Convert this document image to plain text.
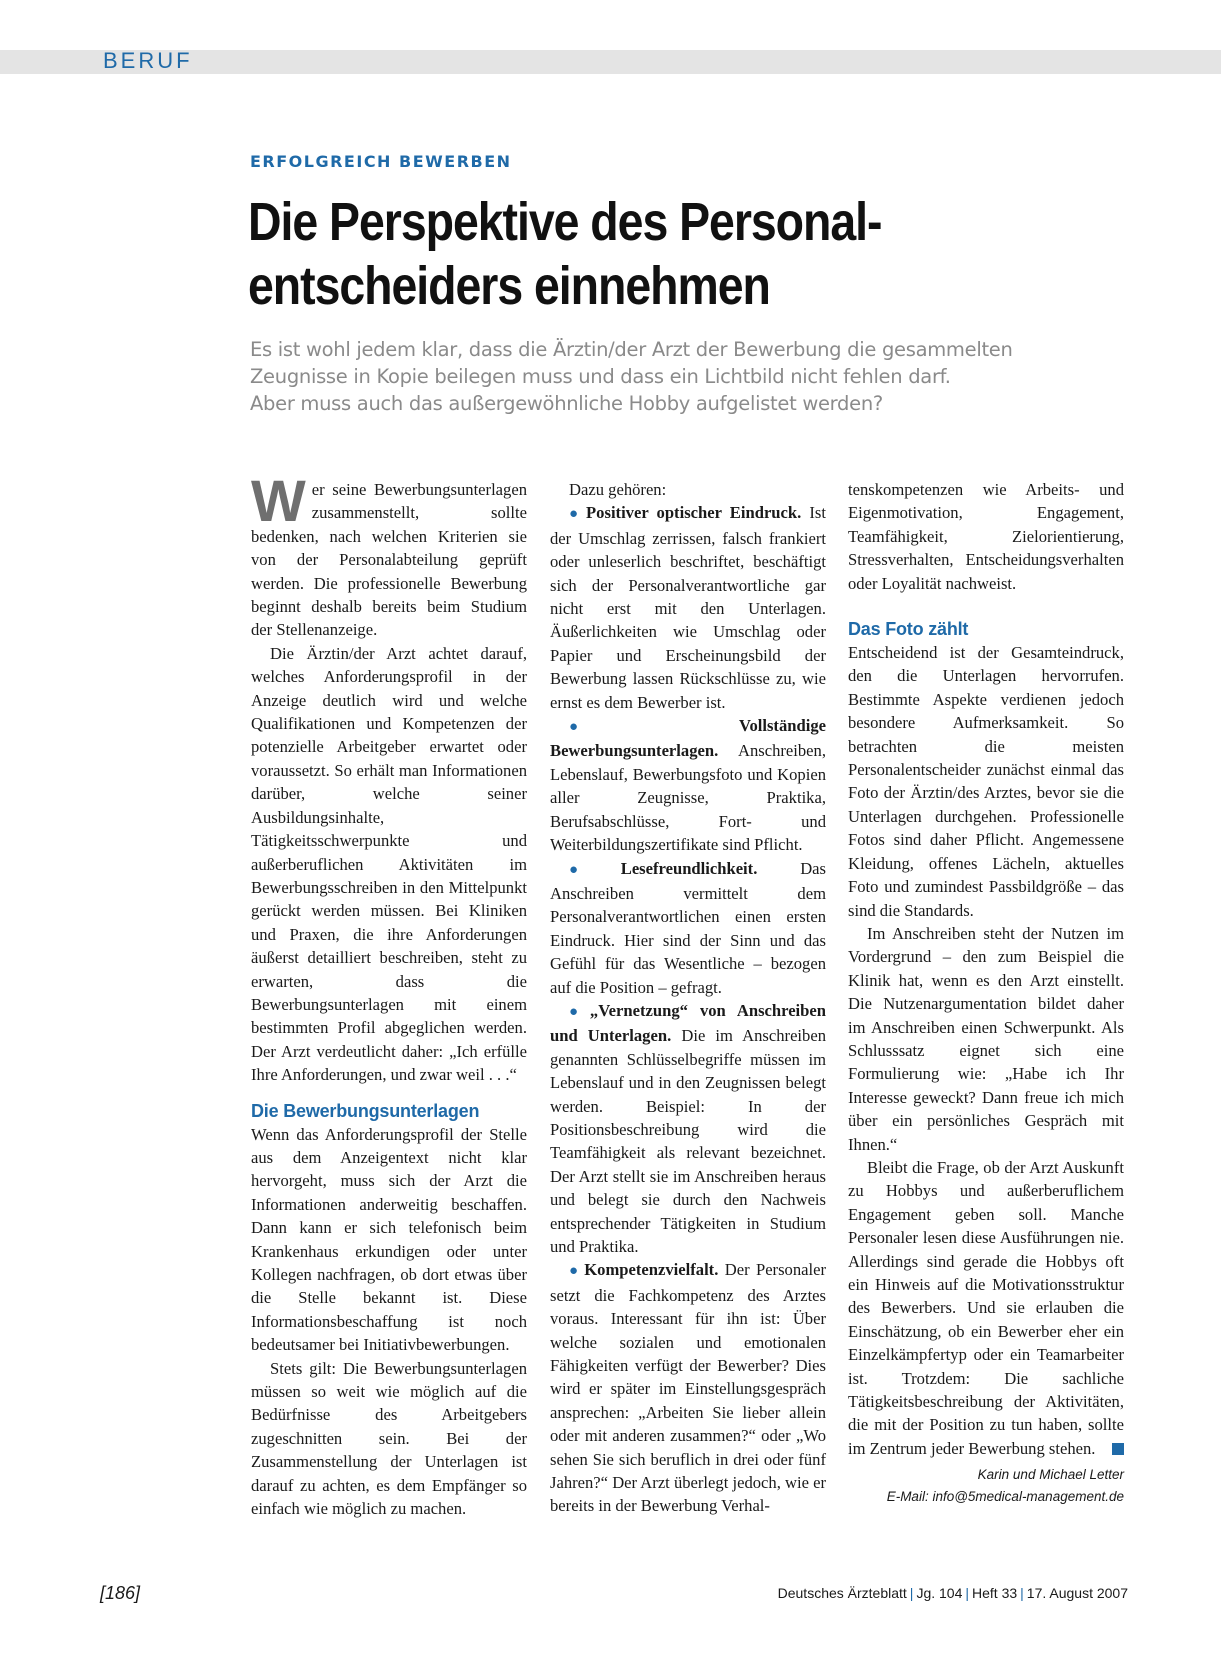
BERUF
ERFOLGREICH BEWERBEN
Die Perspektive des Personal-
entscheiders einnehmen
Es ist wohl jedem klar, dass die Ärztin/der Arzt der Bewerbung die gesammelten
Zeugnisse in Kopie beilegen muss und dass ein Lichtbild nicht fehlen darf.
Aber muss auch das außergewöhnliche Hobby aufgelistet werden?

Wer seine Bewerbungsunterlagen zusammenstellt, sollte bedenken, nach welchen Kriterien sie von der Personalabteilung geprüft werden. Die professionelle Bewerbung beginnt deshalb bereits beim Studium der Stellenanzeige.

Die Ärztin/der Arzt achtet darauf, welches Anforderungsprofil in der Anzeige deutlich wird und welche Qualifikationen und Kompetenzen der potenzielle Arbeitgeber erwartet oder voraussetzt. So erhält man Informationen darüber, welche seiner Ausbildungsinhalte, Tätigkeitsschwerpunkte und außerberuflichen Aktivitäten im Bewerbungsschreiben in den Mittelpunkt gerückt werden müssen. Bei Kliniken und Praxen, die ihre Anforderungen äußerst detailliert beschreiben, steht zu erwarten, dass die Bewerbungsunterlagen mit einem bestimmten Profil abgeglichen werden. Der Arzt verdeutlicht daher: „Ich erfülle Ihre Anforderungen, und zwar weil . . .“

Die Bewerbungsunterlagen

Wenn das Anforderungsprofil der Stelle aus dem Anzeigentext nicht klar hervorgeht, muss sich der Arzt die Informationen anderweitig beschaffen. Dann kann er sich telefonisch beim Krankenhaus erkundigen oder unter Kollegen nachfragen, ob dort etwas über die Stelle bekannt ist. Diese Informationsbeschaffung ist noch bedeutsamer bei Initiativbewerbungen.

Stets gilt: Die Bewerbungsunterlagen müssen so weit wie möglich auf die Bedürfnisse des Arbeitgebers zugeschnitten sein. Bei der Zusammenstellung der Unterlagen ist darauf zu achten, es dem Empfänger so einfach wie möglich zu machen.

Dazu gehören:

● Positiver optischer Eindruck. Ist der Umschlag zerrissen, falsch frankiert oder unleserlich beschriftet, beschäftigt sich der Personalverantwortliche gar nicht erst mit den Unterlagen. Äußerlichkeiten wie Umschlag oder Papier und Erscheinungsbild der Bewerbung lassen Rückschlüsse zu, wie ernst es dem Bewerber ist.

● Vollständige Bewerbungsunterlagen. Anschreiben, Lebenslauf, Bewerbungsfoto und Kopien aller Zeugnisse, Praktika, Berufsabschlüsse, Fort- und Weiterbildungszertifikate sind Pflicht.

● Lesefreundlichkeit.	Das Anschreiben vermittelt dem Personalverantwortlichen einen ersten Eindruck. Hier sind der Sinn und das Gefühl für das Wesentliche – bezogen auf die Position – gefragt.

● „Vernetzung“ von Anschreiben und Unterlagen. Die im Anschreiben genannten Schlüsselbegriffe müssen im Lebenslauf und in den Zeugnissen belegt werden. Beispiel: In der Positionsbeschreibung wird die Teamfähigkeit als relevant bezeichnet. Der Arzt stellt sie im Anschreiben heraus und belegt sie durch den Nachweis entsprechender Tätigkeiten in Studium und Praktika.

● Kompetenzvielfalt. Der Personaler setzt die Fachkompetenz des Arztes voraus. Interessant für ihn ist: Über welche sozialen und emotionalen Fähigkeiten verfügt der Bewerber? Dies wird er später im Einstellungsgespräch ansprechen: „Arbeiten Sie lieber allein oder mit anderen zusammen?“ oder „Wo sehen Sie sich beruflich in drei oder fünf Jahren?“ Der Arzt überlegt jedoch, wie er bereits in der Bewerbung Verhal-

tenskompetenzen wie Arbeits- und Eigenmotivation, Engagement, Teamfähigkeit, Zielorientierung, Stressverhalten, Entscheidungsverhalten oder Loyalität nachweist.

Das Foto zählt

Entscheidend ist der Gesamteindruck, den die Unterlagen hervorrufen. Bestimmte Aspekte verdienen jedoch besondere Aufmerksamkeit. So betrachten die meisten Personalentscheider zunächst einmal das Foto der Ärztin/des Arztes, bevor sie die Unterlagen durchgehen. Professionelle Fotos sind daher Pflicht. Angemessene Kleidung, offenes Lächeln, aktuelles Foto und zumindest Passbildgröße – das sind die Standards.

Im Anschreiben steht der Nutzen im Vordergrund – den zum Beispiel die Klinik hat, wenn es den Arzt einstellt. Die Nutzenargumentation bildet daher im Anschreiben einen Schwerpunkt. Als Schlusssatz eignet sich eine Formulierung wie: „Habe ich Ihr Interesse geweckt? Dann freue ich mich über ein persönliches Gespräch mit Ihnen.“

Bleibt die Frage, ob der Arzt Auskunft zu Hobbys und außerberuflichem Engagement geben soll. Manche Personaler lesen diese Ausführungen nie. Allerdings sind gerade die Hobbys oft ein Hinweis auf die Motivationsstruktur des Bewerbers. Und sie erlauben die Einschätzung, ob ein Bewerber eher ein Einzelkämpfertyp oder ein Teamarbeiter ist. Trotzdem: Die sachliche Tätigkeitsbeschreibung der Aktivitäten, die mit der Position zu tun haben, sollte im Zentrum jeder Bewerbung stehen.

Karin und Michael Letter
E-Mail: info@5medical-management.de
[186]	Deutsches Ärzteblatt | Jg. 104 | Heft 33 | 17. August 2007
